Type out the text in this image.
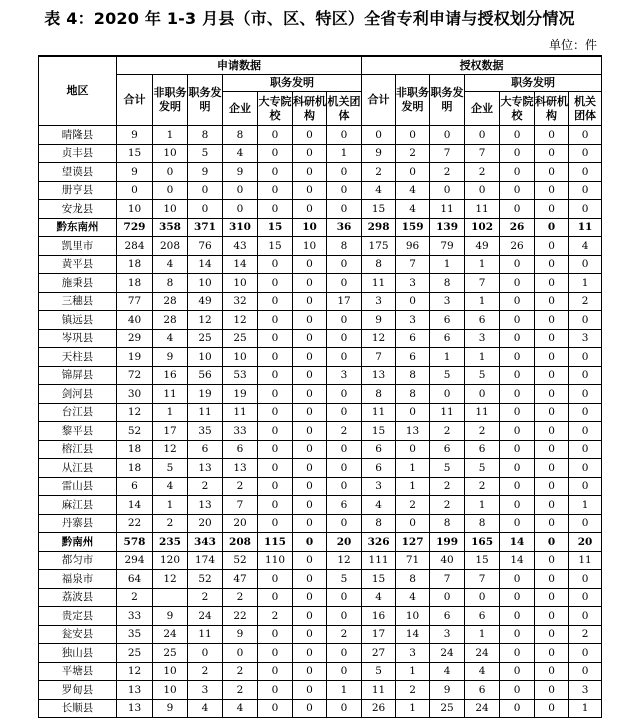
表 4：2020 年 1-3 月县（市、区、特区）全省专利申请与授权划分情况
单位：件
地区	申请数据							授权数据						
	合计	非职务发明	职务发明	职务发明				合计	非职务发明	职务发明	职务发明			
				企业	大专院校	科研机构	机关团体				企业	大专院校	科研机构	机关团体
晴隆县	9	1	8	8	0	0	0	0	0	0	0	0	0	0
贞丰县	15	10	5	4	0	0	1	9	2	7	7	0	0	0
望谟县	9	0	9	9	0	0	0	2	0	2	2	0	0	0
册亨县	0	0	0	0	0	0	0	4	4	0	0	0	0	0
安龙县	10	10	0	0	0	0	0	15	4	11	11	0	0	0
黔东南州	729	358	371	310	15	10	36	298	159	139	102	26	0	11
凯里市	284	208	76	43	15	10	8	175	96	79	49	26	0	4
黄平县	18	4	14	14	0	0	0	8	7	1	1	0	0	0
施秉县	18	8	10	10	0	0	0	11	3	8	7	0	0	1
三穗县	77	28	49	32	0	0	17	3	0	3	1	0	0	2
镇远县	40	28	12	12	0	0	0	9	3	6	6	0	0	0
岑巩县	29	4	25	25	0	0	0	12	6	6	3	0	0	3
天柱县	19	9	10	10	0	0	0	7	6	1	1	0	0	0
锦屏县	72	16	56	53	0	0	3	13	8	5	5	0	0	0
剑河县	30	11	19	19	0	0	0	8	8	0	0	0	0	0
台江县	12	1	11	11	0	0	0	11	0	11	11	0	0	0
黎平县	52	17	35	33	0	0	2	15	13	2	2	0	0	0
榕江县	18	12	6	6	0	0	0	6	0	6	6	0	0	0
从江县	18	5	13	13	0	0	0	6	1	5	5	0	0	0
雷山县	6	4	2	2	0	0	0	3	1	2	2	0	0	0
麻江县	14	1	13	7	0	0	6	4	2	2	1	0	0	1
丹寨县	22	2	20	20	0	0	0	8	0	8	8	0	0	0
黔南州	578	235	343	208	115	0	20	326	127	199	165	14	0	20
都匀市	294	120	174	52	110	0	12	111	71	40	15	14	0	11
福泉市	64	12	52	47	0	0	5	15	8	7	7	0	0	0
荔波县	2		2	2	0	0	0	4	4	0	0	0	0	0
贵定县	33	9	24	22	2	0	0	16	10	6	6	0	0	0
瓮安县	35	24	11	9	0	0	2	17	14	3	1	0	0	2
独山县	25	25	0	0	0	0	0	27	3	24	24	0	0	0
平塘县	12	10	2	2	0	0	0	5	1	4	4	0	0	0
罗甸县	13	10	3	2	0	0	1	11	2	9	6	0	0	3
长顺县	13	9	4	4	0	0	0	26	1	25	24	0	0	1
